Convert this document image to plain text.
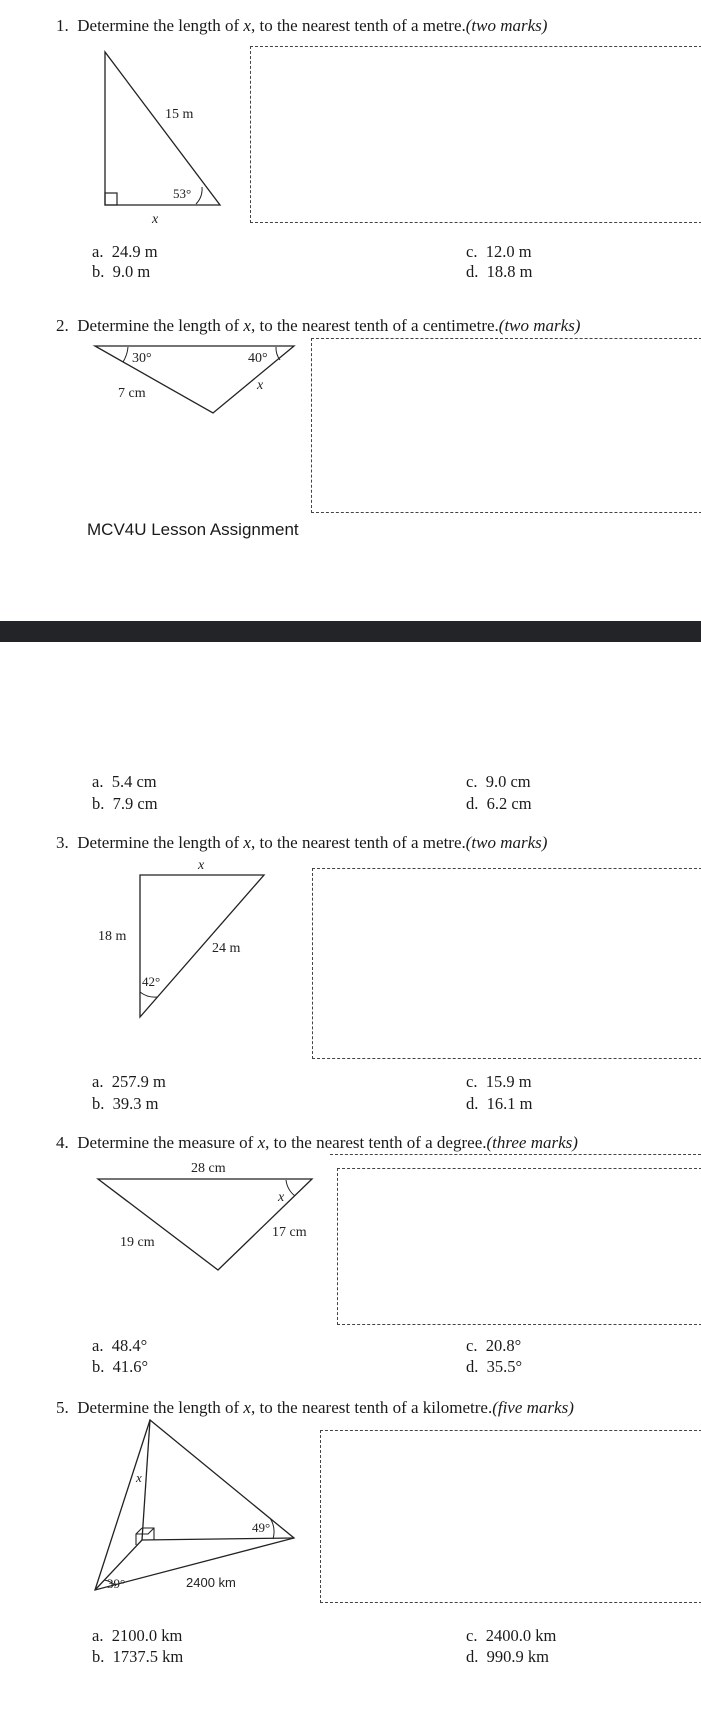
1. Determine the length of x, to the nearest tenth of a metre.(two marks)
15 m
53°
x
a. 24.9 m
b. 9.0 m
c. 12.0 m
d. 18.8 m
2. Determine the length of x, to the nearest tenth of a centimetre.(two marks)
30°	40°
7 cm
x
MCV4U Lesson Assignment
a. 5.4 cm
b. 7.9 cm
c. 9.0 cm
d. 6.2 cm
3. Determine the length of x, to the nearest tenth of a metre.(two marks)
x
18 m
24 m
42°
a. 257.9 m
b. 39.3 m
c. 15.9 m
d. 16.1 m
4. Determine the measure of x, to the nearest tenth of a degree.(three marks)
28 cm
x
17 cm
19 cm
a. 48.4°
b. 41.6°
c. 20.8°
d. 35.5°
5. Determine the length of x, to the nearest tenth of a kilometre.(five marks)
x
49°
39°	2400 km
a. 2100.0 km
b. 1737.5 km
c. 2400.0 km
d. 990.9 km
